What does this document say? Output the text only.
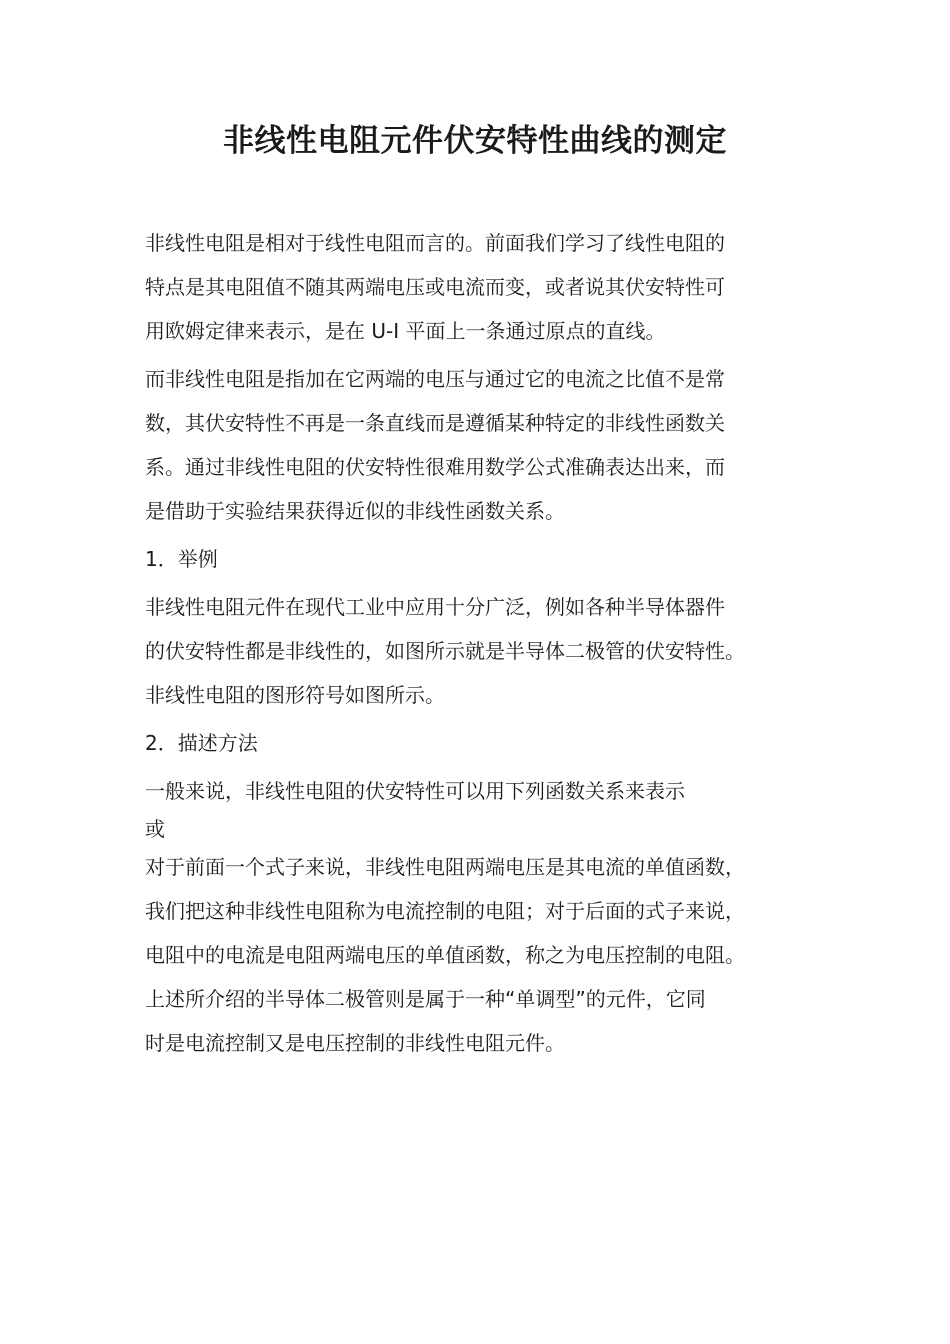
非线性电阻元件伏安特性曲线的测定
非线性电阻是相对于线性电阻而言的。前面我们学习了线性电阻的
特点是其电阻值不随其两端电压或电流而变，或者说其伏安特性可
用欧姆定律来表示，是在 U-I 平面上一条通过原点的直线。
而非线性电阻是指加在它两端的电压与通过它的电流之比值不是常
数，其伏安特性不再是一条直线而是遵循某种特定的非线性函数关
系。通过非线性电阻的伏安特性很难用数学公式准确表达出来，而
是借助于实验结果获得近似的非线性函数关系。
1．举例
非线性电阻元件在现代工业中应用十分广泛，例如各种半导体器件
的伏安特性都是非线性的，如图所示就是半导体二极管的伏安特性。
非线性电阻的图形符号如图所示。
2．描述方法
一般来说，非线性电阻的伏安特性可以用下列函数关系来表示
或
对于前面一个式子来说，非线性电阻两端电压是其电流的单值函数，
我们把这种非线性电阻称为电流控制的电阻；对于后面的式子来说，
电阻中的电流是电阻两端电压的单值函数，称之为电压控制的电阻。
上述所介绍的半导体二极管则是属于一种“单调型”的元件，它同
时是电流控制又是电压控制的非线性电阻元件。
